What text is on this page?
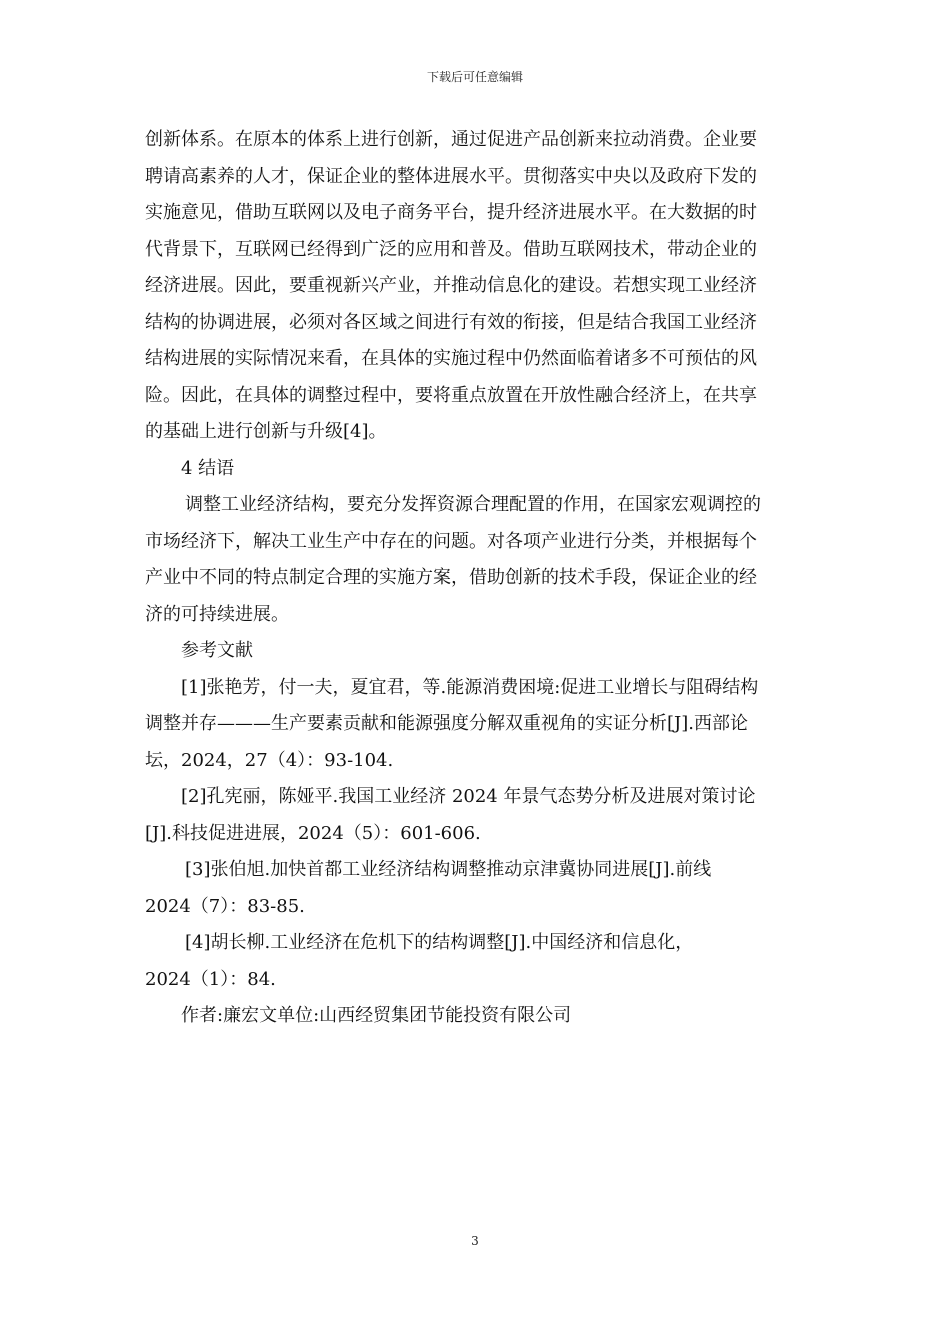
下载后可任意编辑
创新体系。在原本的体系上进行创新，通过促进产品创新来拉动消费。企业要
聘请高素养的人才，保证企业的整体进展水平。贯彻落实中央以及政府下发的
实施意见，借助互联网以及电子商务平台，提升经济进展水平。在大数据的时
代背景下，互联网已经得到广泛的应用和普及。借助互联网技术，带动企业的
经济进展。因此，要重视新兴产业，并推动信息化的建设。若想实现工业经济
结构的协调进展，必须对各区域之间进行有效的衔接，但是结合我国工业经济
结构进展的实际情况来看，在具体的实施过程中仍然面临着诸多不可预估的风
险。因此，在具体的调整过程中，要将重点放置在开放性融合经济上，在共享
的基础上进行创新与升级[4]。
4 结语
调整工业经济结构，要充分发挥资源合理配置的作用，在国家宏观调控的
市场经济下，解决工业生产中存在的问题。对各项产业进行分类，并根据每个
产业中不同的特点制定合理的实施方案，借助创新的技术手段，保证企业的经
济的可持续进展。
参考文献
[1]张艳芳，付一夫，夏宜君，等.能源消费困境:促进工业增长与阻碍结构
调整并存———生产要素贡献和能源强度分解双重视角的实证分析[J].西部论
坛，2024，27（4）：93-104.
[2]孔宪丽，陈娅平.我国工业经济 2024 年景气态势分析及进展对策讨论
[J].科技促进进展，2024（5）：601-606.
[3]张伯旭.加快首都工业经济结构调整推动京津冀协同进展[J].前线
2024（7）：83-85.
[4]胡长柳.工业经济在危机下的结构调整[J].中国经济和信息化，
2024（1）：84.
作者:廉宏文单位:山西经贸集团节能投资有限公司
3
